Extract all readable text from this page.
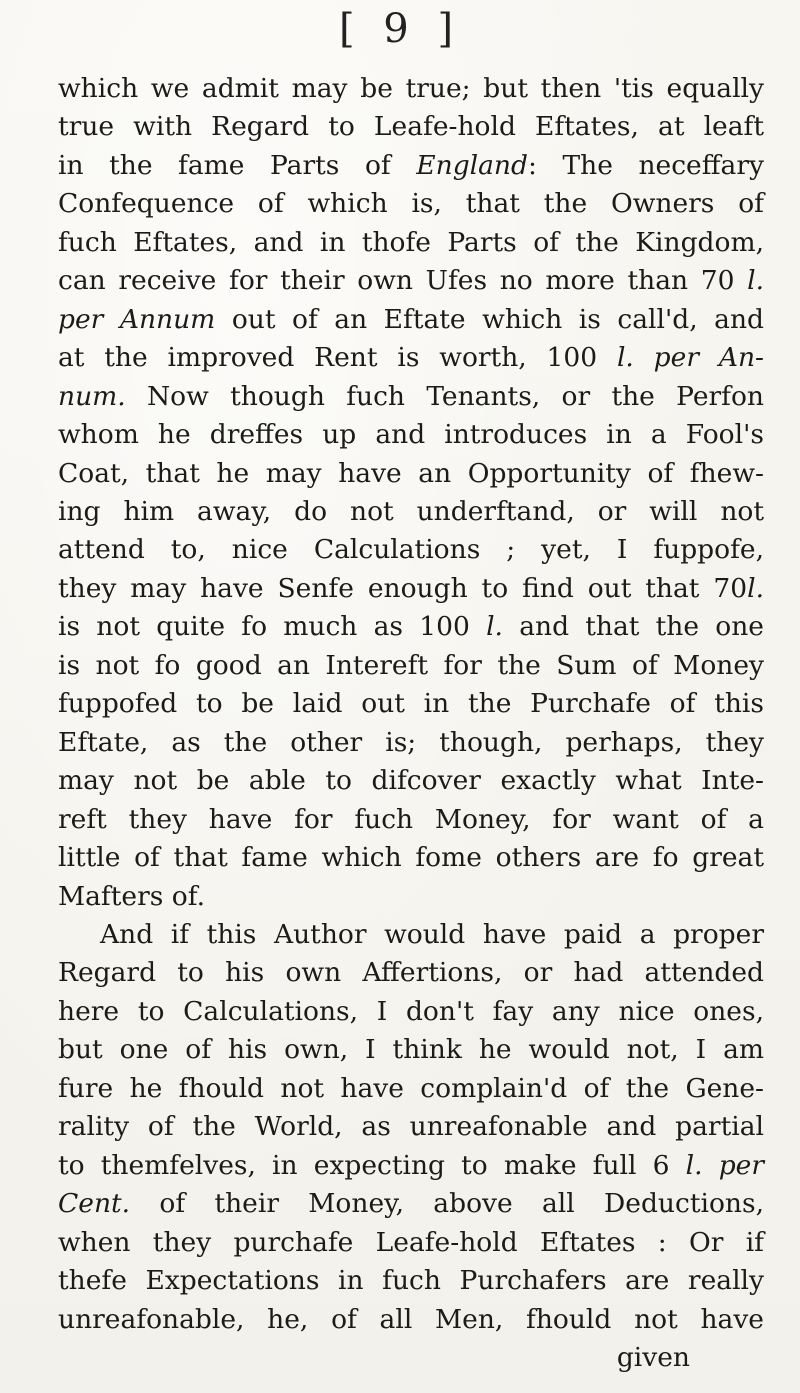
[ 9 ]
which we admit may be true; but then 'tis equally
true with Regard to Leafe-hold Eftates, at leaft
in the fame Parts of England: The neceffary
Confequence of which is, that the Owners of
fuch Eftates, and in thofe Parts of the Kingdom,
can receive for their own Ufes no more than 70 l.
per Annum out of an Eftate which is call'd, and
at the improved Rent is worth, 100 l. per An-
num. Now though fuch Tenants, or the Perfon
whom he dreffes up and introduces in a Fool's
Coat, that he may have an Opportunity of fhew-
ing him away, do not underftand, or will not
attend to, nice Calculations ; yet, I fuppofe,
they may have Senfe enough to find out that 70l.
is not quite fo much as 100 l. and that the one
is not fo good an Intereft for the Sum of Money
fuppofed to be laid out in the Purchafe of this
Eftate, as the other is; though, perhaps, they
may not be able to difcover exactly what Inte-
reft they have for fuch Money, for want of a
little of that fame which fome others are fo great
Mafters of.
And if this Author would have paid a proper
Regard to his own Affertions, or had attended
here to Calculations, I don't fay any nice ones,
but one of his own, I think he would not, I am
fure he fhould not have complain'd of the Gene-
rality of the World, as unreafonable and partial
to themfelves, in expecting to make full 6 l. per
Cent. of their Money, above all Deductions,
when they purchafe Leafe-hold Eftates : Or if
thefe Expectations in fuch Purchafers are really
unreafonable, he, of all Men, fhould not have
given
